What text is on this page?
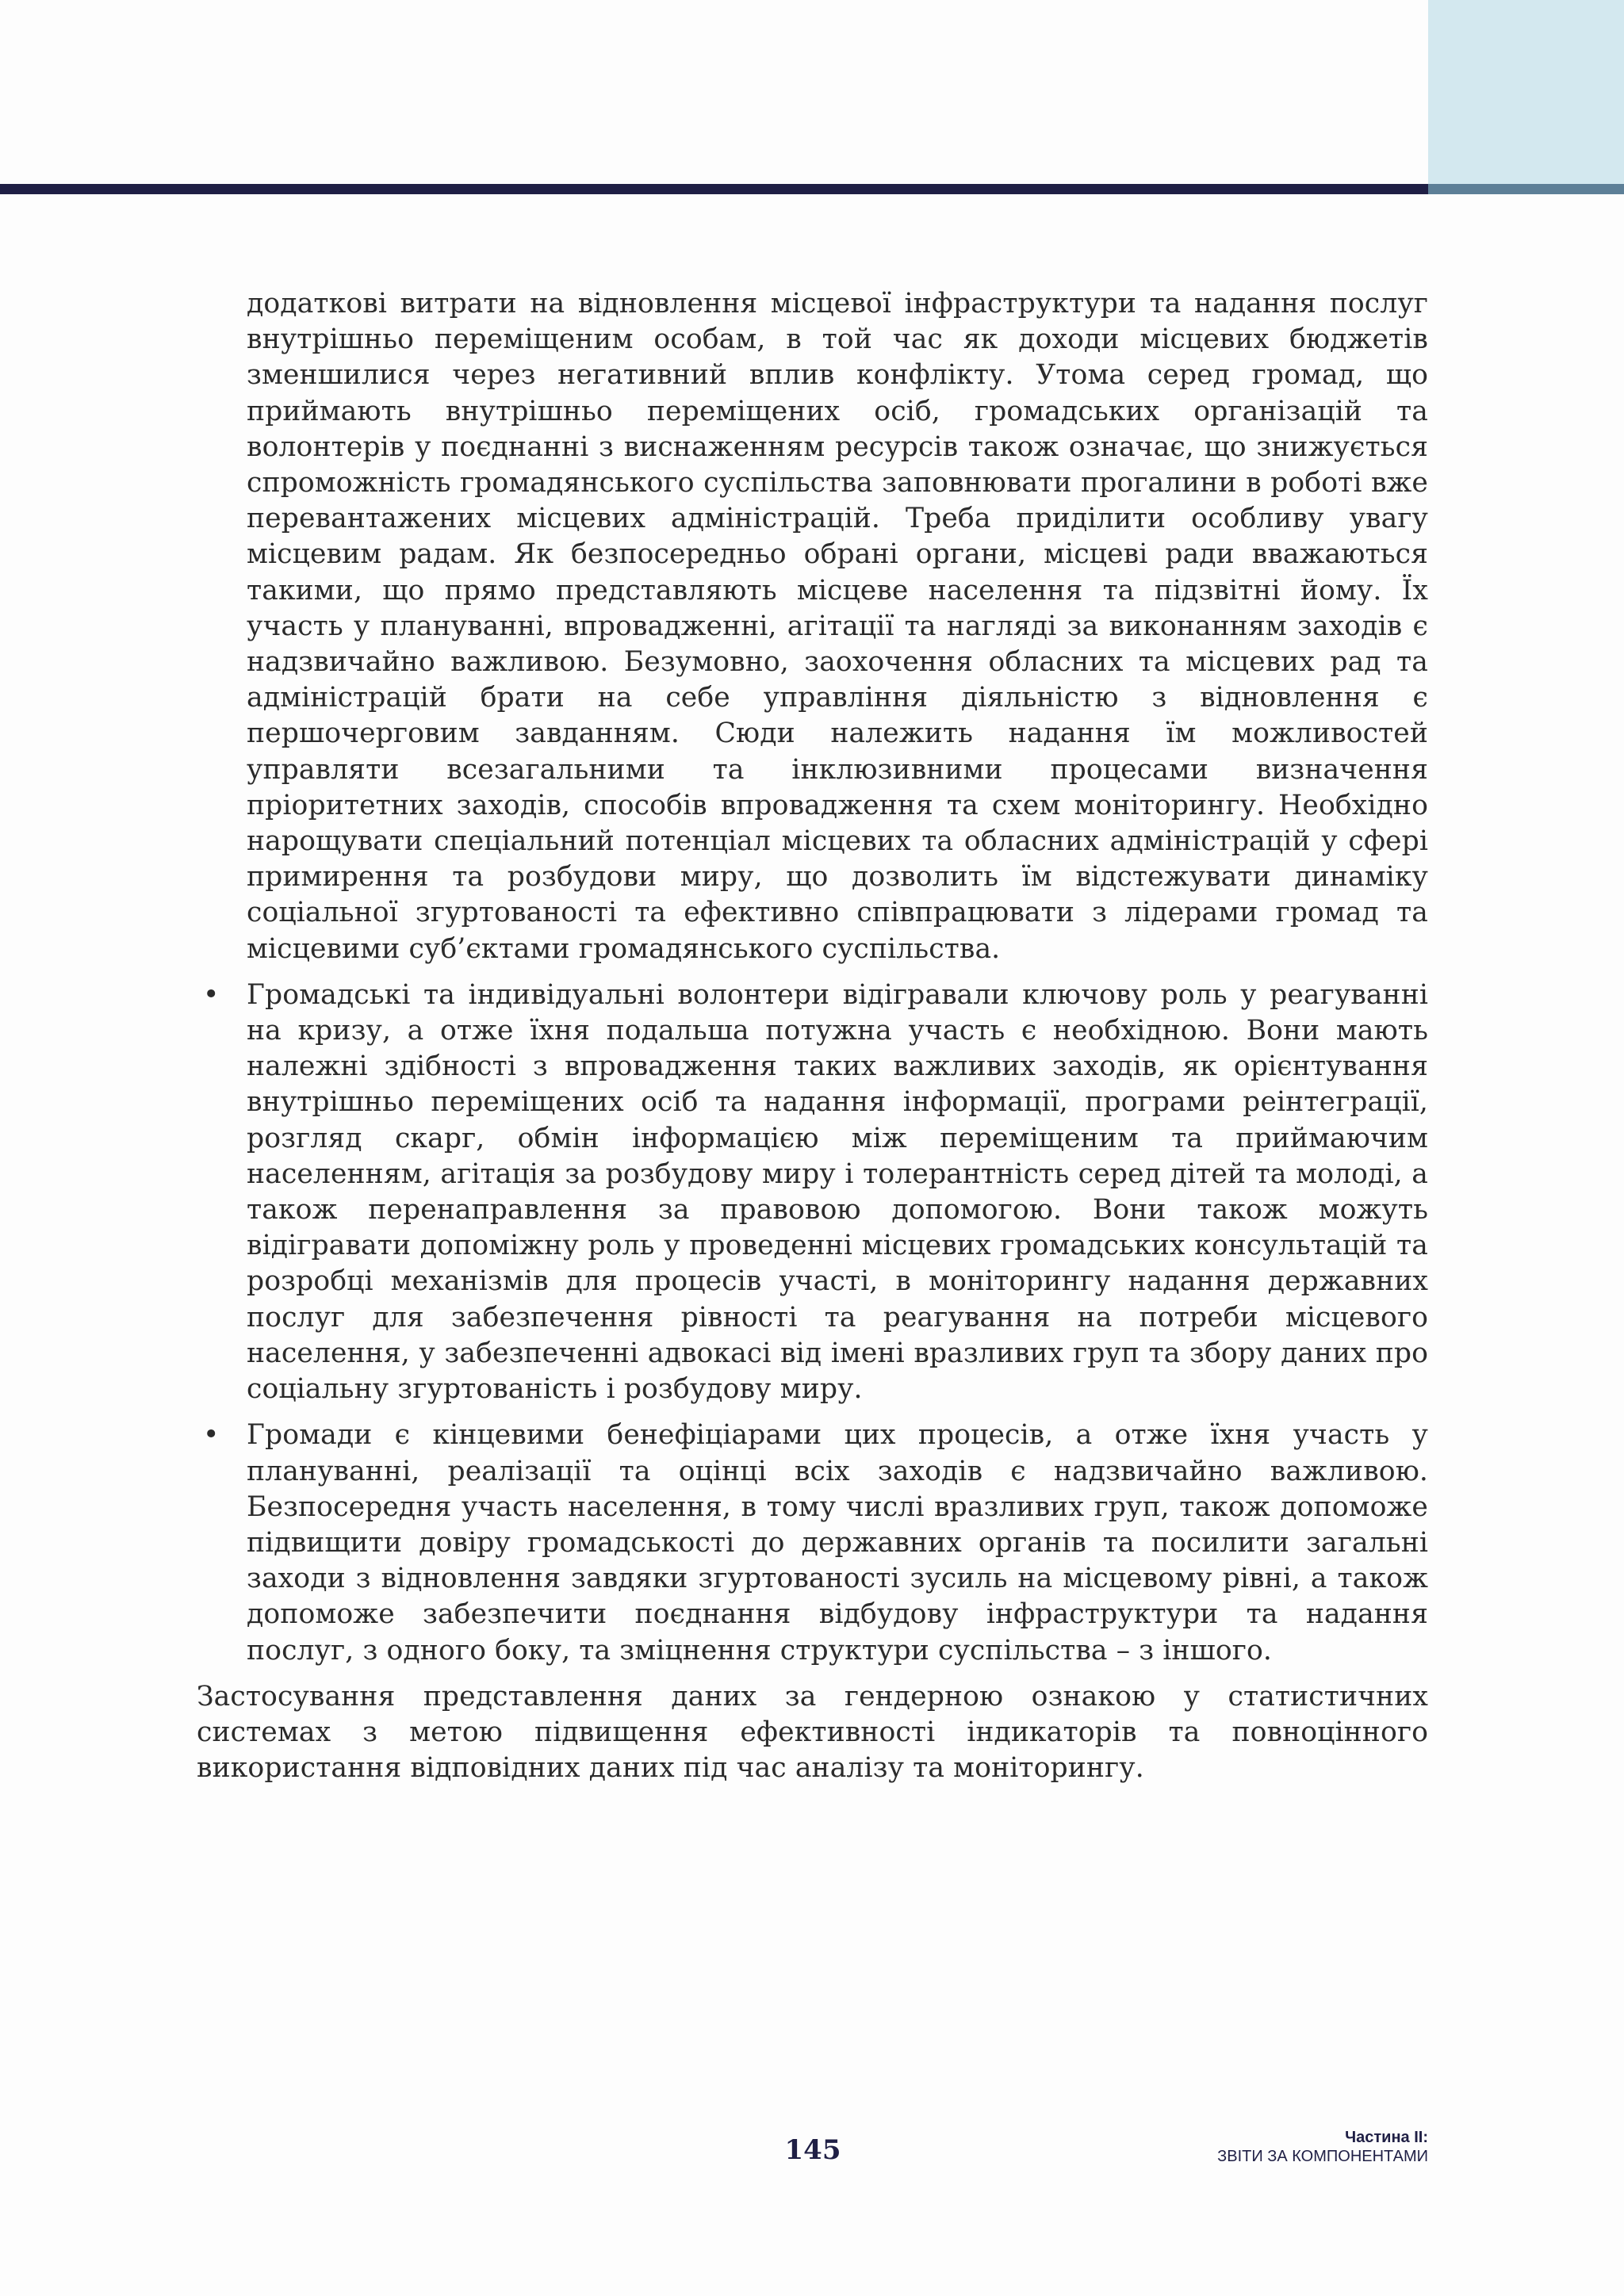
додаткові витрати на відновлення місцевої інфраструктури та надання послуг внутрішньо переміщеним особам, в той час як доходи місцевих бюджетів зменшилися через негативний вплив конфлікту. Утома серед громад, що приймають внутрішньо переміщених осіб, громадських організацій та волонтерів у поєднанні з виснаженням ресурсів також означає, що знижується спроможність громадянського суспільства заповнювати прогалини в роботі вже перевантажених місцевих адміністрацій. Треба приділити особливу увагу місцевим радам. Як безпосередньо обрані органи, місцеві ради вважаються такими, що прямо представляють місцеве населення та підзвітні йому. Їх участь у плануванні, впровадженні, агітації та нагляді за виконанням заходів є надзвичайно важливою. Безумовно, заохочення обласних та місцевих рад та адміністрацій брати на себе управління діяльністю з відновлення є першочерговим завданням. Сюди належить надання їм можливостей управляти всезагальними та інклюзивними процесами визначення пріоритетних заходів, способів впровадження та схем моніторингу. Необхідно нарощувати спеціальний потенціал місцевих та обласних адміністрацій у сфері примирення та розбудови миру, що дозволить їм відстежувати динаміку соціальної згуртованості та ефективно співпрацювати з лідерами громад та місцевими суб’єктами громадянського суспільства.

• Громадські та індивідуальні волонтери відігравали ключову роль у реагуванні на кризу, а отже їхня подальша потужна участь є необхідною. Вони мають належні здібності з впровадження таких важливих заходів, як орієнтування внутрішньо переміщених осіб та надання інформації, програми реінтеграції, розгляд скарг, обмін інформацією між переміщеним та приймаючим населенням, агітація за розбудову миру і толерантність серед дітей та молоді, а також перенаправлення за правовою допомогою. Вони також можуть відігравати допоміжну роль у проведенні місцевих громадських консультацій та розробці механізмів для процесів участі, в моніторингу надання державних послуг для забезпечення рівності та реагування на потреби місцевого населення, у забезпеченні адвокасі від імені вразливих груп та збору даних про соціальну згуртованість і розбудову миру.

• Громади є кінцевими бенефіціарами цих процесів, а отже їхня участь у плануванні, реалізації та оцінці всіх заходів є надзвичайно важливою. Безпосередня участь населення, в тому числі вразливих груп, також допоможе підвищити довіру громадськості до державних органів та посилити загальні заходи з відновлення завдяки згуртованості зусиль на місцевому рівні, а також допоможе забезпечити поєднання відбудову інфраструктури та надання послуг, з одного боку, та зміцнення структури суспільства – з іншого.

Застосування представлення даних за гендерною ознакою у статистичних системах з метою підвищення ефективності індикаторів та повноцінного використання відповідних даних під час аналізу та моніторингу.

145	Частина II:
ЗВІТИ ЗА КОМПОНЕНТАМИ
